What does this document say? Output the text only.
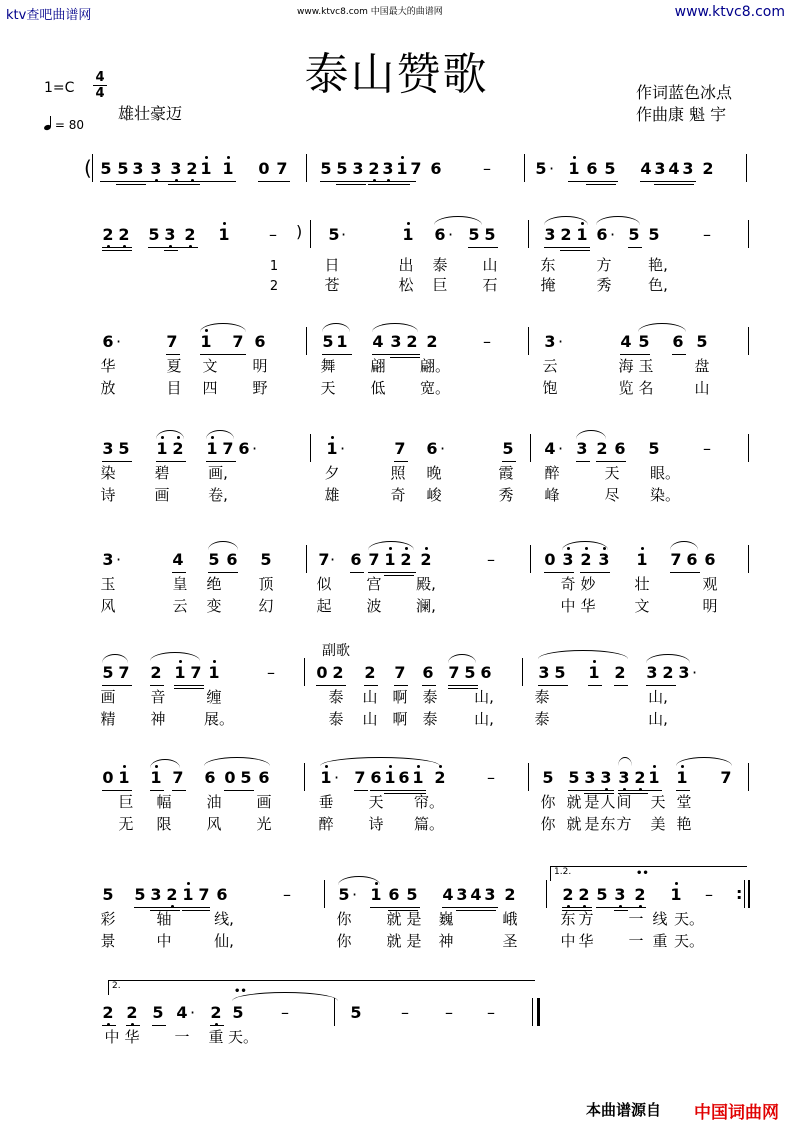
ktv查吧曲谱网	www.ktvc8.com 中国最大的曲谱网	www.ktvc8.com
泰山赞歌
1=C
4
4
= 80
雄壮豪迈
作词蓝色冰点
作曲康 魁 宇
( 5 5 3 3 3 2 1 1 0 7 5 5 3 2 3 1 7 6	–	5 · 1 6 5 4 3 4 3 2
2 2 5 3 2 1 – ) 5 ·	1 6 · 5 5	3 2 1 6 · 5 5	–
1
2
日	出 泰 山	东	方 艳,
苍	松 巨 石	掩	秀 色,
6 ·	7 1 7 6	5 1 4 3 2 2	–	3 ·	4 5 6 5
华	夏 文 明	舞 翩 翩。	云	海 玉	盘
放	目 四 野	天 低 宽。	饱	览 名	山
3 5 1 2 1 7 6 ·	1 ·	7 6 ·	5 4 · 3 2 6 5	–
染	碧	画,	夕	照 晚	霞 醉	天 眼。
诗	画	卷,	雄	奇 峻	秀 峰	尽 染。
3 ·	4 5 6 5	7 · 6 7 1 2 2	–	0 3 2 3 1 7 6 6
玉	皇 绝 顶	似 宫 殿,	奇 妙	壮	观
风	云 变 幻	起 波 澜,	中 华	文	明
副歌
5 7 2 1 7 1	–	0 2 2 7 6 7 5 6	3 5 1 2 3 2 3 ·
画 音	缠	泰 山 啊 泰 山,	泰	山,
精 神	展。	泰 山 啊 泰 山,	泰	山,
0 1 1 7 6 0 5 6	1 · 7 6 1 6 1 2	–	5 5 3 3 3 2 1 1 7
巨 幅 油 画	垂 天 帘。	你 就 是 人 间 天 堂
无 限 风 光	醉 诗 篇。	你 就 是 东 方 美 艳
1.2.
5 5 3 2 1 7 6	–	5 · 1 6 5 4 3 4 3 2	2 2 5 3 2
••
1 – :
彩	轴	线,	你 就 是 巍	峨	东 方 一 线 天。
景	中	仙,	你 就 是 神	圣	中 华 一 重 天。
2.
2 2 5 4 · 2 5
••
–	5 – – –
中 华 一 重 天。
本曲谱源自 中国词曲网
